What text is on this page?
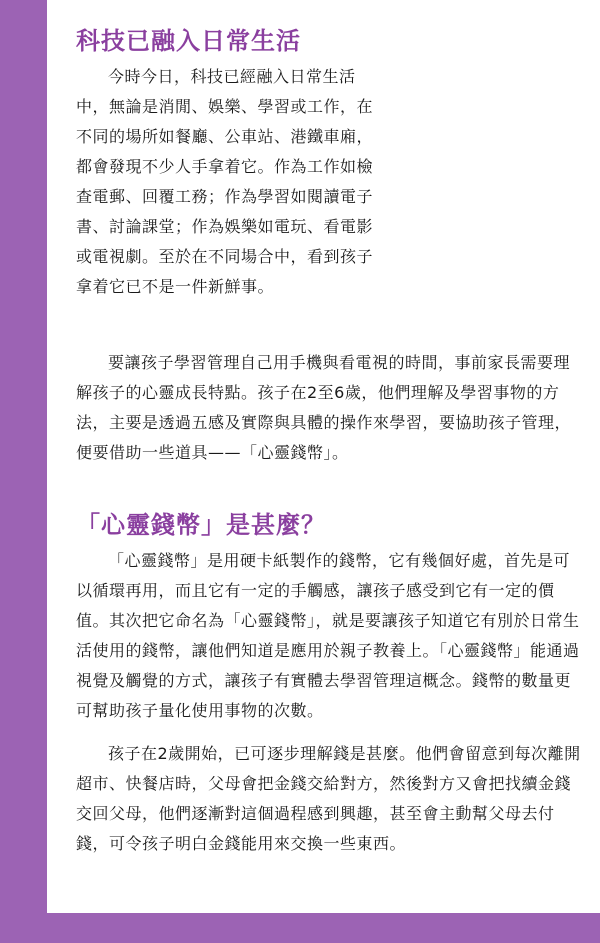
科技已融入日常生活

今時今日，科技已經融入日常生活中，無論是消閒、娛樂、學習或工作，在不同的場所如餐廳、公車站、港鐵車廂，都會發現不少人手拿着它。作為工作如檢查電郵、回覆工務；作為學習如閱讀電子書、討論課堂；作為娛樂如電玩、看電影或電視劇。至於在不同場合中，看到孩子拿着它已不是一件新鮮事。

要讓孩子學習管理自己用手機與看電視的時間，事前家長需要理解孩子的心靈成長特點。孩子在2至6歲，他們理解及學習事物的方法，主要是透過五感及實際與具體的操作來學習，要協助孩子管理，便要借助一些道具——「心靈錢幣」。

「心靈錢幣」是甚麼？

「心靈錢幣」是用硬卡紙製作的錢幣，它有幾個好處，首先是可以循環再用，而且它有一定的手觸感，讓孩子感受到它有一定的價值。其次把它命名為「心靈錢幣」，就是要讓孩子知道它有別於日常生活使用的錢幣，讓他們知道是應用於親子教養上。「心靈錢幣」能通過視覺及觸覺的方式，讓孩子有實體去學習管理這概念。錢幣的數量更可幫助孩子量化使用事物的次數。

孩子在2歲開始，已可逐步理解錢是甚麼。他們會留意到每次離開超市、快餐店時，父母會把金錢交給對方，然後對方又會把找續金錢交回父母，他們逐漸對這個過程感到興趣，甚至會主動幫父母去付錢，可令孩子明白金錢能用來交換一些東西。
